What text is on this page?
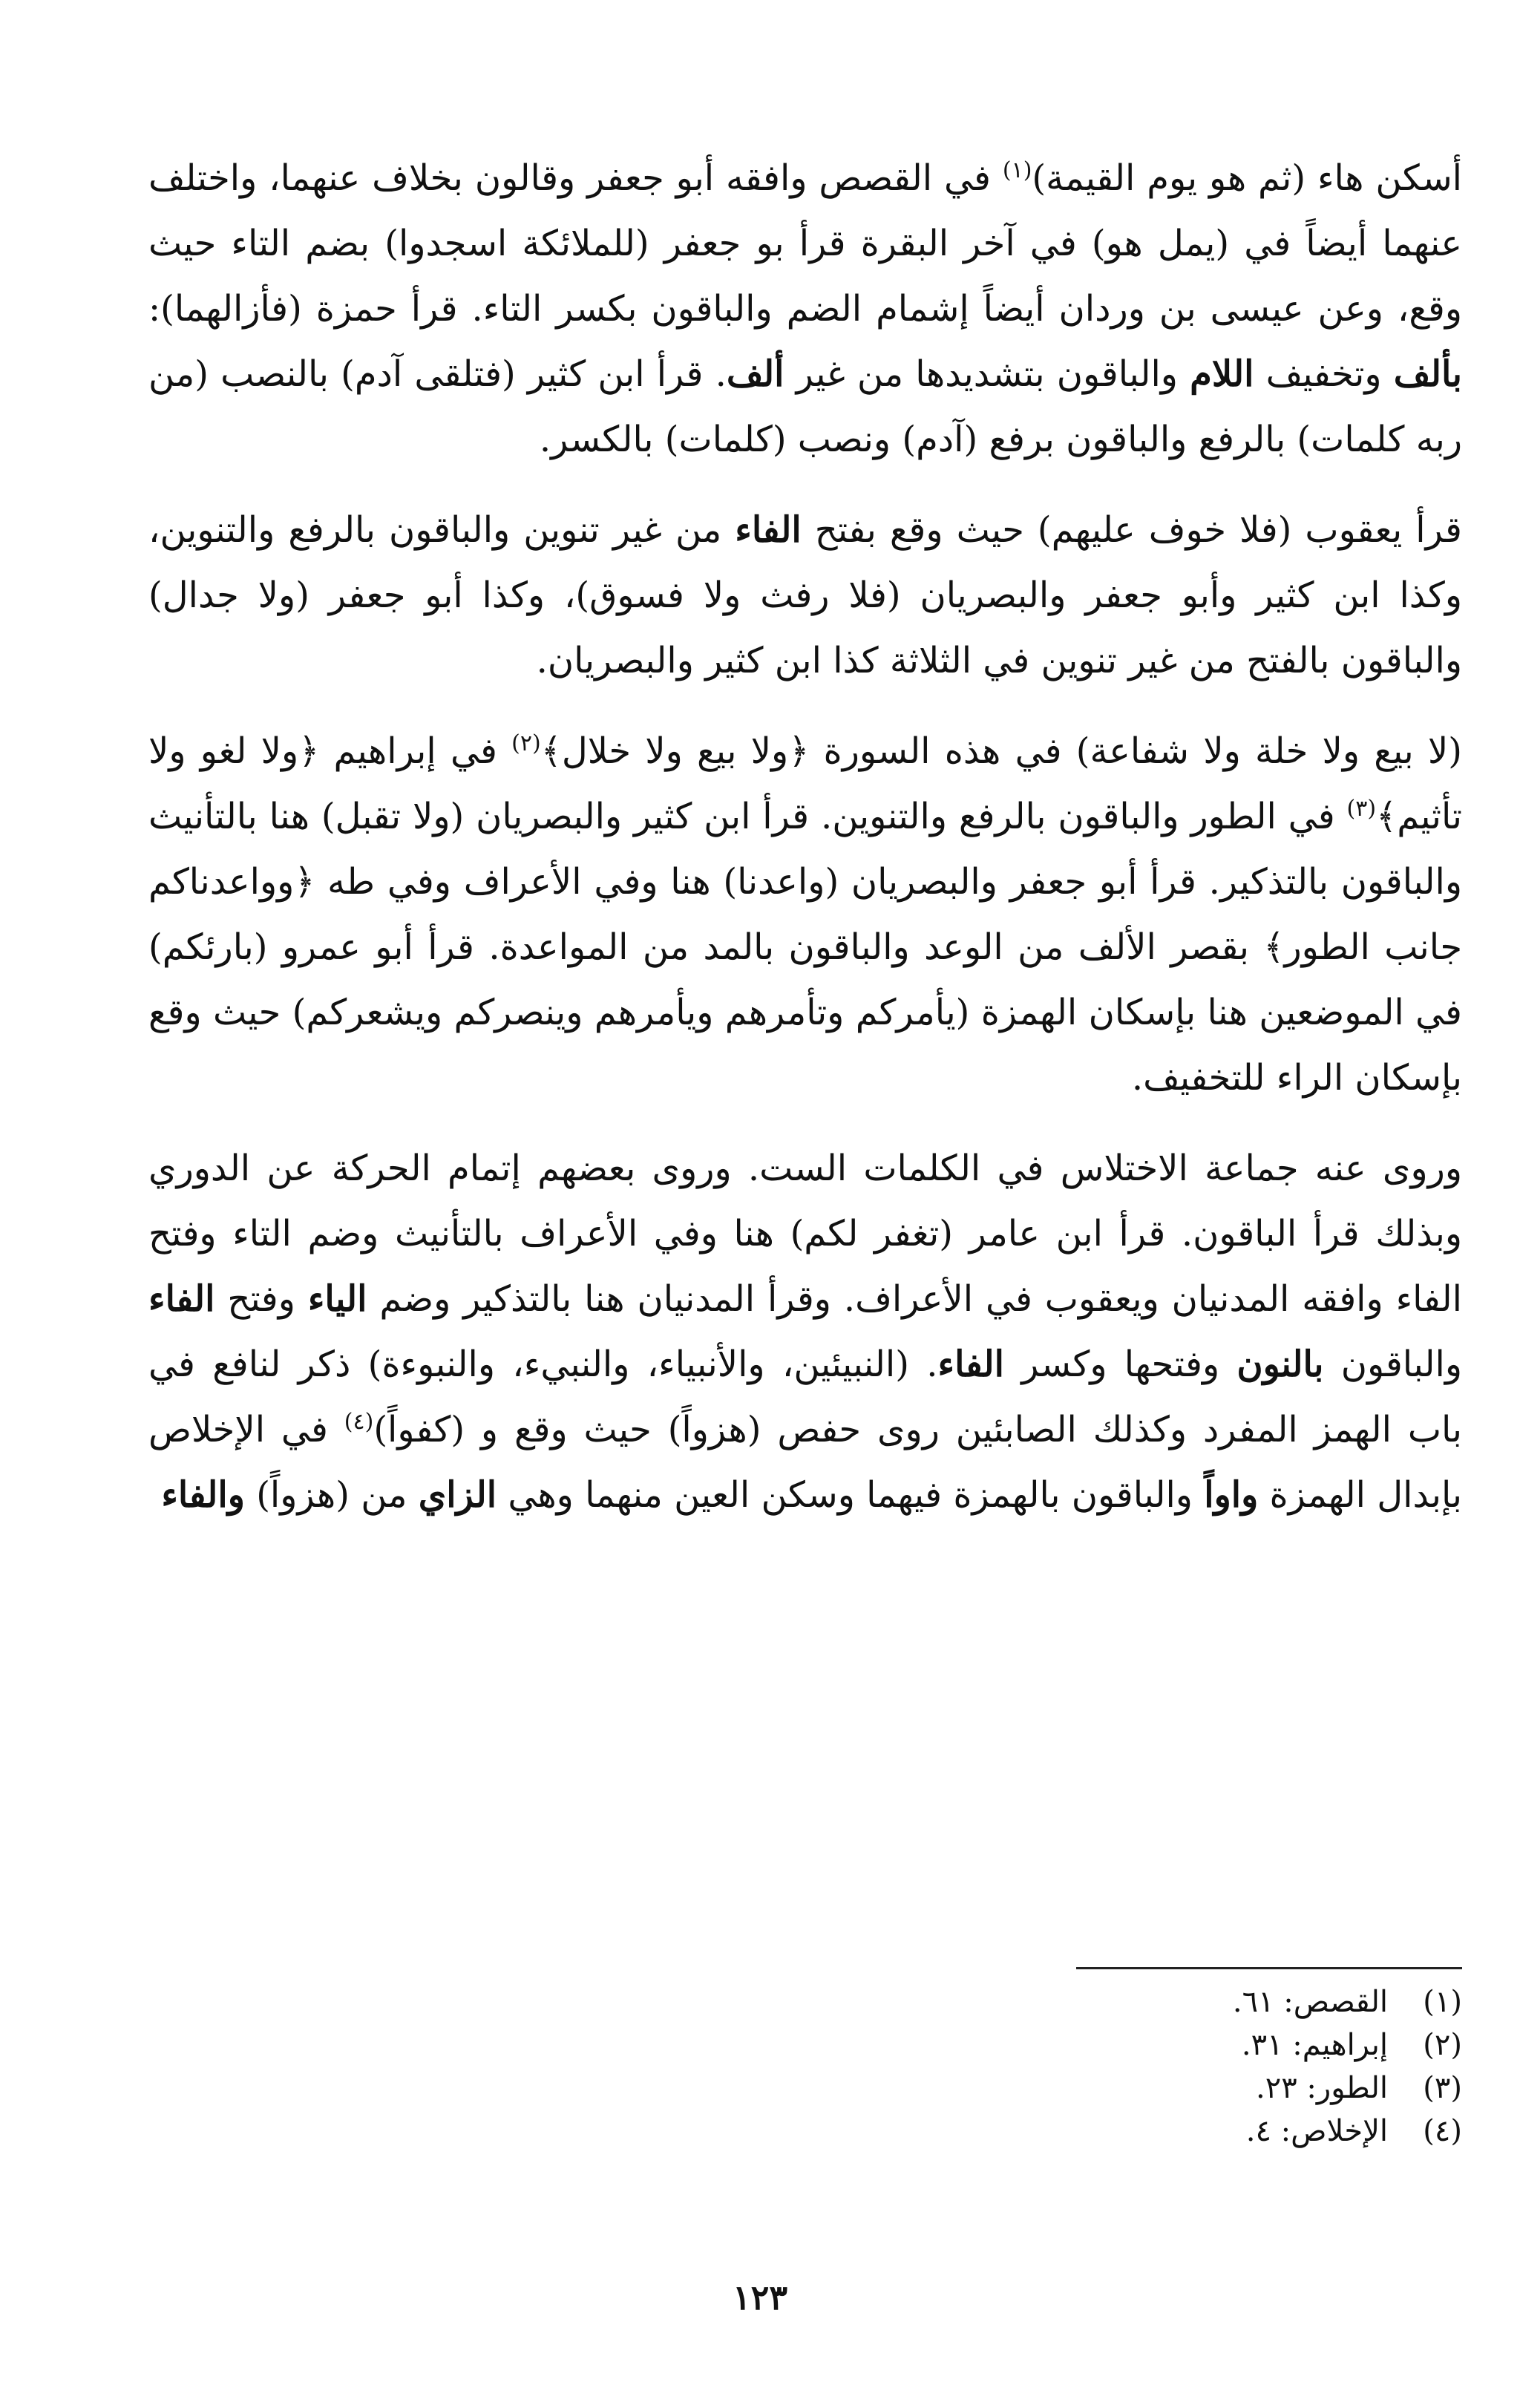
أسكن هاء (ثم هو يوم القيمة)$^{(١)}$ في القصص وافقه أبو جعفر وقالون بخلاف عنهما، واختلف عنهما أيضاً في (يمل هو) في آخر البقرة قرأ بو جعفر (للملائكة اسجدوا) بضم التاء حيث وقع، وعن عيسى بن وردان أيضاً إشمام الضم والباقون بكسر التاء. قرأ حمزة (فأزالهما): بألف وتخفيف اللام والباقون بتشديدها من غير ألف. قرأ ابن كثير (فتلقى آدم) بالنصب (من ربه كلمات) بالرفع والباقون برفع (آدم) ونصب (كلمات) بالكسر.

قرأ يعقوب (فلا خوف عليهم) حيث وقع بفتح الفاء من غير تنوين والباقون بالرفع والتنوين، وكذا ابن كثير وأبو جعفر والبصريان (فلا رفث ولا فسوق)، وكذا أبو جعفر (ولا جدال) والباقون بالفتح من غير تنوين في الثلاثة كذا ابن كثير والبصريان.

(لا بيع ولا خلة ولا شفاعة) في هذه السورة ﴿ولا بيع ولا خلال﴾$^{(٢)}$ في إبراهيم ﴿ولا لغو ولا تأثيم﴾$^{(٣)}$ في الطور والباقون بالرفع والتنوين. قرأ ابن كثير والبصريان (ولا تقبل) هنا بالتأنيث والباقون بالتذكير. قرأ أبو جعفر والبصريان (واعدنا) هنا وفي الأعراف وفي طه ﴿وواعدناكم جانب الطور﴾ بقصر الألف من الوعد والباقون بالمد من المواعدة. قرأ أبو عمرو (بارئكم) في الموضعين هنا بإسكان الهمزة (يأمركم وتأمرهم ويأمرهم وينصركم ويشعركم) حيث وقع بإسكان الراء للتخفيف.

وروى عنه جماعة الاختلاس في الكلمات الست. وروى بعضهم إتمام الحركة عن الدوري وبذلك قرأ الباقون. قرأ ابن عامر (تغفر لكم) هنا وفي الأعراف بالتأنيث وضم التاء وفتح الفاء وافقه المدنيان ويعقوب في الأعراف. وقرأ المدنيان هنا بالتذكير وضم الياء وفتح الفاء والباقون بالنون وفتحها وكسر الفاء. (النبيئين، والأنبياء، والنبيء، والنبوءة) ذكر لنافع في باب الهمز المفرد وكذلك الصابئين روى حفص (هزواً) حيث وقع و (كفواً)$^{(٤)}$ في الإخلاص بإبدال الهمزة واواً والباقون بالهمزة فيهما وسكن العين منهما وهي الزاي من (هزواً) والفاء

(١)
القصص: ٦١.
(٢)
إبراهيم: ٣١.
(٣)
الطور: ٢٣.
(٤)
الإخلاص: ٤.
١٢٣
